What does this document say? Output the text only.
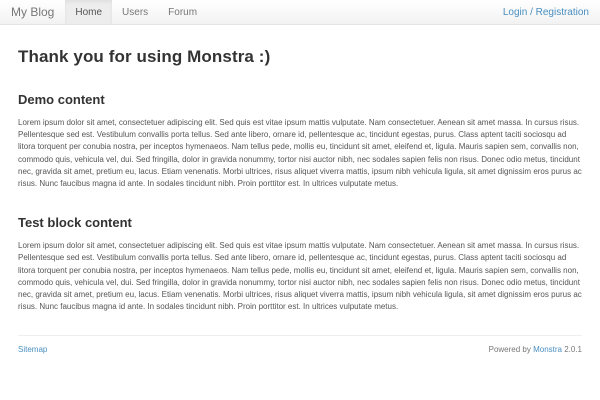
My Blog	Home	Users	Forum	Login / Registration
Thank you for using Monstra :)
Demo content

Lorem ipsum dolor sit amet, consectetuer adipiscing elit. Sed quis est vitae ipsum mattis vulputate. Nam consectetuer. Aenean sit amet massa. In cursus risus. Pellentesque sed est. Vestibulum convallis porta tellus. Sed ante libero, ornare id, pellentesque ac, tincidunt egestas, purus. Class aptent taciti sociosqu ad litora torquent per conubia nostra, per inceptos hymenaeos. Nam tellus pede, mollis eu, tincidunt sit amet, eleifend et, ligula. Mauris sapien sem, convallis non, commodo quis, vehicula vel, dui. Sed fringilla, dolor in gravida nonummy, tortor nisi auctor nibh, nec sodales sapien felis non risus. Donec odio metus, tincidunt nec, gravida sit amet, pretium eu, lacus. Etiam venenatis. Morbi ultrices, risus aliquet viverra mattis, ipsum nibh vehicula ligula, sit amet dignissim eros purus ac risus. Nunc faucibus magna id ante. In sodales tincidunt nibh. Proin porttitor est. In ultrices vulputate metus.

Test block content

Lorem ipsum dolor sit amet, consectetuer adipiscing elit. Sed quis est vitae ipsum mattis vulputate. Nam consectetuer. Aenean sit amet massa. In cursus risus. Pellentesque sed est. Vestibulum convallis porta tellus. Sed ante libero, ornare id, pellentesque ac, tincidunt egestas, purus. Class aptent taciti sociosqu ad litora torquent per conubia nostra, per inceptos hymenaeos. Nam tellus pede, mollis eu, tincidunt sit amet, eleifend et, ligula. Mauris sapien sem, convallis non, commodo quis, vehicula vel, dui. Sed fringilla, dolor in gravida nonummy, tortor nisi auctor nibh, nec sodales sapien felis non risus. Donec odio metus, tincidunt nec, gravida sit amet, pretium eu, lacus. Etiam venenatis. Morbi ultrices, risus aliquet viverra mattis, ipsum nibh vehicula ligula, sit amet dignissim eros purus ac risus. Nunc faucibus magna id ante. In sodales tincidunt nibh. Proin porttitor est. In ultrices vulputate metus.

Sitemap	Powered by Monstra 2.0.1
